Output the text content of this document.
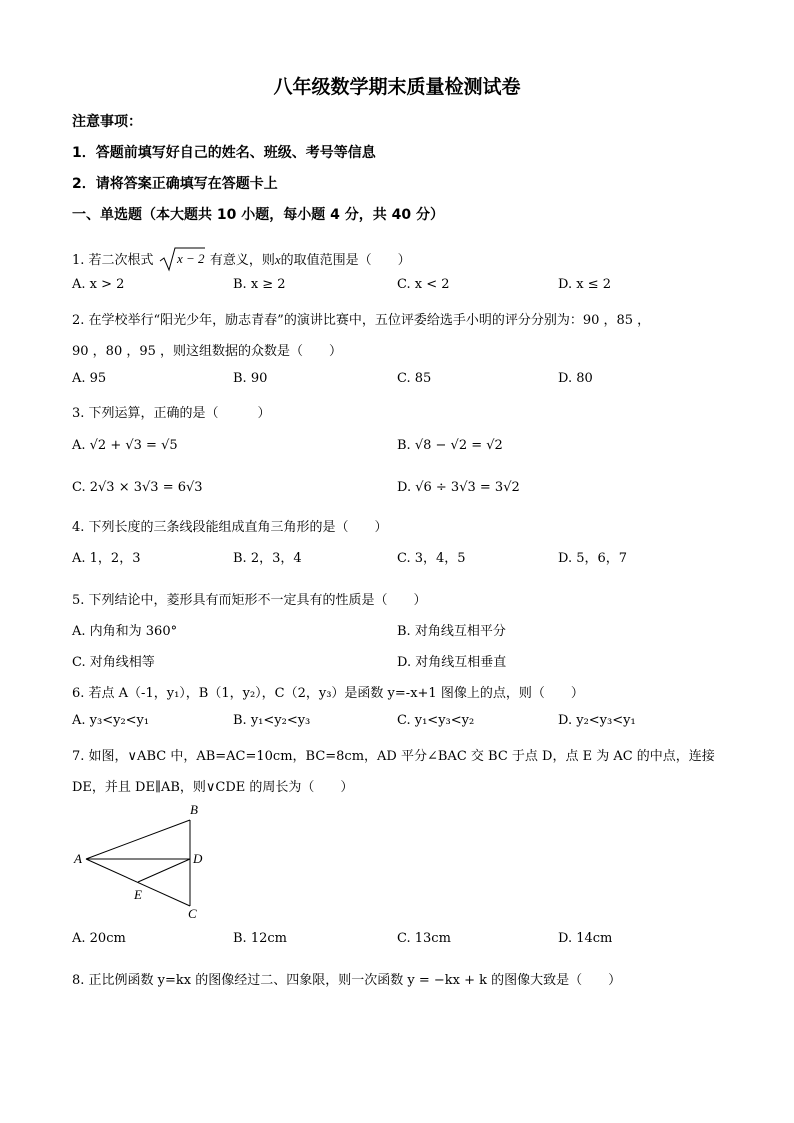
八年级数学期末质量检测试卷
注意事项：
1．答题前填写好自己的姓名、班级、考号等信息
2．请将答案正确填写在答题卡上
一、单选题（本大题共 10 小题，每小题 4 分，共 40 分）
1. 若二次根式 x − 2 有意义，则x的取值范围是（　　）
A. x > 2	B. x ≥ 2	C. x < 2	D. x ≤ 2
2. 在学校举行“阳光少年，励志青春”的演讲比赛中，五位评委给选手小明的评分分别为：90 ，85 ，
90 ，80 ，95 ，则这组数据的众数是（　　）
A. 95	B. 90	C. 85	D. 80
3. 下列运算，正确的是（　　　）
A. √2 + √3 = √5	B. √8 − √2 = √2
C. 2√3 × 3√3 = 6√3	D. √6 ÷ 3√3 = 3√2
4. 下列长度的三条线段能组成直角三角形的是（　　）
A. 1，2，3	B. 2，3，4	C. 3，4，5	D. 5，6，7
5. 下列结论中，菱形具有而矩形不一定具有的性质是（　　）
A. 内角和为 360°	B. 对角线互相平分
C. 对角线相等	D. 对角线互相垂直
6. 若点 A（-1，y₁），B（1，y₂），C（2，y₃）是函数 y=-x+1 图像上的点，则（　　）
A. y₃<y₂<y₁	B. y₁<y₂<y₃	C. y₁<y₃<y₂	D. y₂<y₃<y₁
7. 如图，∨ABC 中，AB=AC=10cm，BC=8cm，AD 平分∠BAC 交 BC 于点 D，点 E 为 AC 的中点，连接
DE，并且 DE∥AB，则∨CDE 的周长为（　　）
A
B
C
D
E
A. 20cm	B. 12cm	C. 13cm	D. 14cm
8. 正比例函数 y=kx 的图像经过二、四象限，则一次函数 y = −kx + k 的图像大致是（　　）
